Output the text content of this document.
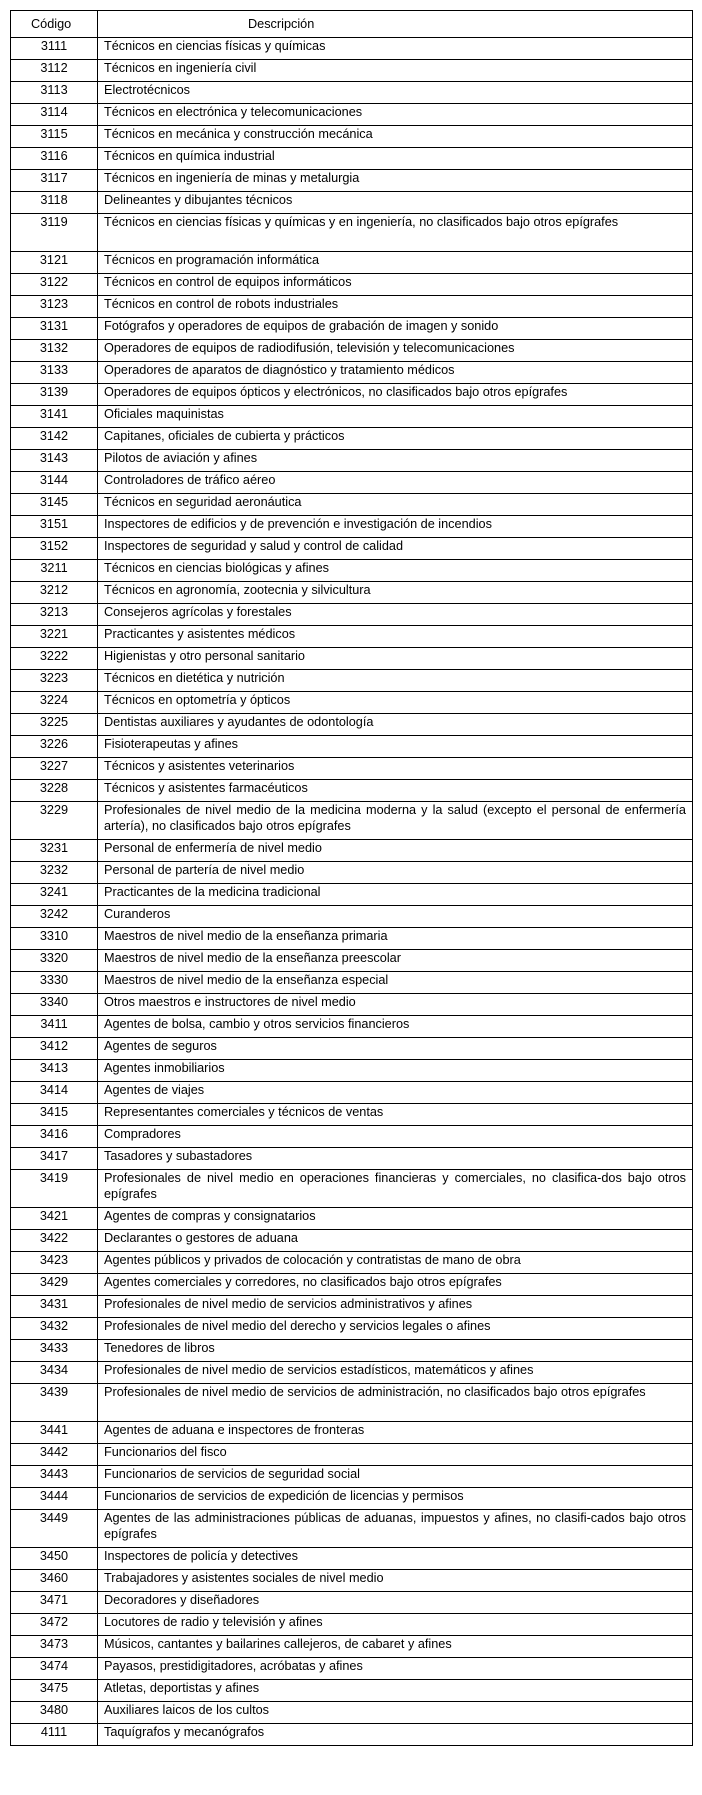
Código	Descripción
3111	Técnicos en ciencias físicas y químicas
3112	Técnicos en ingeniería civil
3113	Electrotécnicos
3114	Técnicos en electrónica y telecomunicaciones
3115	Técnicos en mecánica y construcción mecánica
3116	Técnicos en química industrial
3117	Técnicos en ingeniería de minas y metalurgia
3118	Delineantes y dibujantes técnicos
3119	Técnicos en ciencias físicas y químicas y en ingeniería, no clasificados bajo otros epígrafes
3121	Técnicos en programación informática
3122	Técnicos en control de equipos informáticos
3123	Técnicos en control de robots industriales
3131	Fotógrafos y operadores de equipos de grabación de imagen y sonido
3132	Operadores de equipos de radiodifusión, televisión y telecomunicaciones
3133	Operadores de aparatos de diagnóstico y tratamiento médicos
3139	Operadores de equipos ópticos y electrónicos, no clasificados bajo otros epígrafes
3141	Oficiales maquinistas
3142	Capitanes, oficiales de cubierta y prácticos
3143	Pilotos de aviación y afines
3144	Controladores de tráfico aéreo
3145	Técnicos en seguridad aeronáutica
3151	Inspectores de edificios y de prevención e investigación de incendios
3152	Inspectores de seguridad y salud y control de calidad
3211	Técnicos en ciencias biológicas y afines
3212	Técnicos en agronomía, zootecnia y silvicultura
3213	Consejeros agrícolas y forestales
3221	Practicantes y asistentes médicos
3222	Higienistas y otro personal sanitario
3223	Técnicos en dietética y nutrición
3224	Técnicos en optometría y ópticos
3225	Dentistas auxiliares y ayudantes de odontología
3226	Fisioterapeutas y afines
3227	Técnicos y asistentes veterinarios
3228	Técnicos y asistentes farmacéuticos
3229	Profesionales de nivel medio de la medicina moderna y la salud (excepto el personal de enfermería artería), no clasificados bajo otros epígrafes
3231	Personal de enfermería de nivel medio
3232	Personal de partería de nivel medio
3241	Practicantes de la medicina tradicional
3242	Curanderos
3310	Maestros de nivel medio de la enseñanza primaria
3320	Maestros de nivel medio de la enseñanza preescolar
3330	Maestros de nivel medio de la enseñanza especial
3340	Otros maestros e instructores de nivel medio
3411	Agentes de bolsa, cambio y otros servicios financieros
3412	Agentes de seguros
3413	Agentes inmobiliarios
3414	Agentes de viajes
3415	Representantes comerciales y técnicos de ventas
3416	Compradores
3417	Tasadores y subastadores
3419	Profesionales de nivel medio en operaciones financieras y comerciales, no clasifica-dos bajo otros epígrafes
3421	Agentes de compras y consignatarios
3422	Declarantes o gestores de aduana
3423	Agentes públicos y privados de colocación y contratistas de mano de obra
3429	Agentes comerciales y corredores, no clasificados bajo otros epígrafes
3431	Profesionales de nivel medio de servicios administrativos y afines
3432	Profesionales de nivel medio del derecho y servicios legales o afines
3433	Tenedores de libros
3434	Profesionales de nivel medio de servicios estadísticos, matemáticos y afines
3439	Profesionales de nivel medio de servicios de administración, no clasificados bajo otros epígrafes
3441	Agentes de aduana e inspectores de fronteras
3442	Funcionarios del fisco
3443	Funcionarios de servicios de seguridad social
3444	Funcionarios de servicios de expedición de licencias y permisos
3449	Agentes de las administraciones públicas de aduanas, impuestos y afines, no clasifi-cados bajo otros epígrafes
3450	Inspectores de policía y detectives
3460	Trabajadores y asistentes sociales de nivel medio
3471	Decoradores y diseñadores
3472	Locutores de radio y televisión y afines
3473	Músicos, cantantes y bailarines callejeros, de cabaret y afines
3474	Payasos, prestidigitadores, acróbatas y afines
3475	Atletas, deportistas y afines
3480	Auxiliares laicos de los cultos
4111	Taquígrafos y mecanógrafos
